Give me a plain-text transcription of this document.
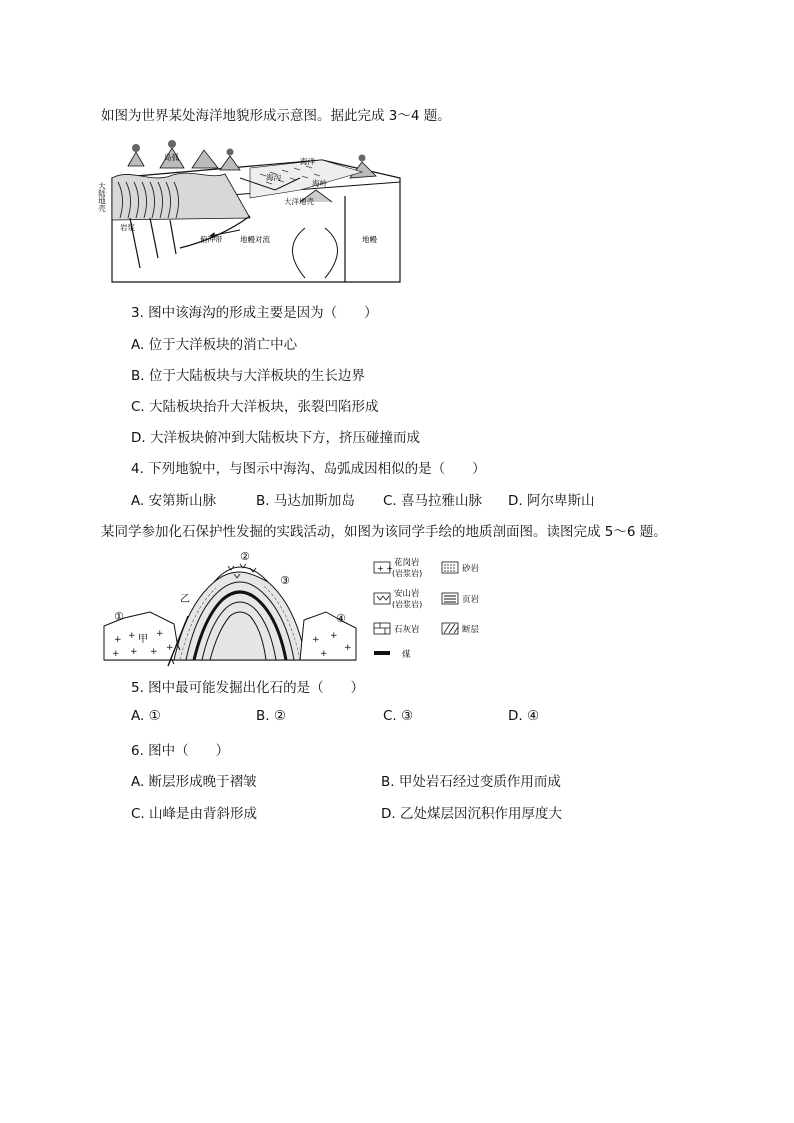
如图为世界某处海洋地貌形成示意图。据此完成 3～4 题。
大陆地壳
岛弧	海洋
海沟
海岭
岩浆
大洋地壳
俯冲带 地幔对流	地幔
3. 图中该海沟的形成主要是因为（　　）
A. 位于大洋板块的消亡中心
B. 位于大陆板块与大洋板块的生长边界
C. 大陆板块抬升大洋板块，张裂凹陷形成
D. 大洋板块俯冲到大陆板块下方，挤压碰撞而成
4. 下列地貌中，与图示中海沟、岛弧成因相似的是（　　）
A. 安第斯山脉	B. 马达加斯加岛 C. 喜马拉雅山脉 D. 阿尔卑斯山
某同学参加化石保护性发掘的实践活动，如图为该同学手绘的地质剖面图。读图完成 5～6 题。
+ + +
+ + + +
+ +
+
+
①
②
③
④
甲
乙
+ +
花岗岩
(岩浆岩)	砂岩
安山岩
(岩浆岩)	页岩
石灰岩	断层
煤
5. 图中最可能发掘出化石的是（　　）
A. ①	B. ②	C. ③	D. ④
6. 图中（　　）
A. 断层形成晚于褶皱	B. 甲处岩石经过变质作用而成
C. 山峰是由背斜形成	D. 乙处煤层因沉积作用厚度大
